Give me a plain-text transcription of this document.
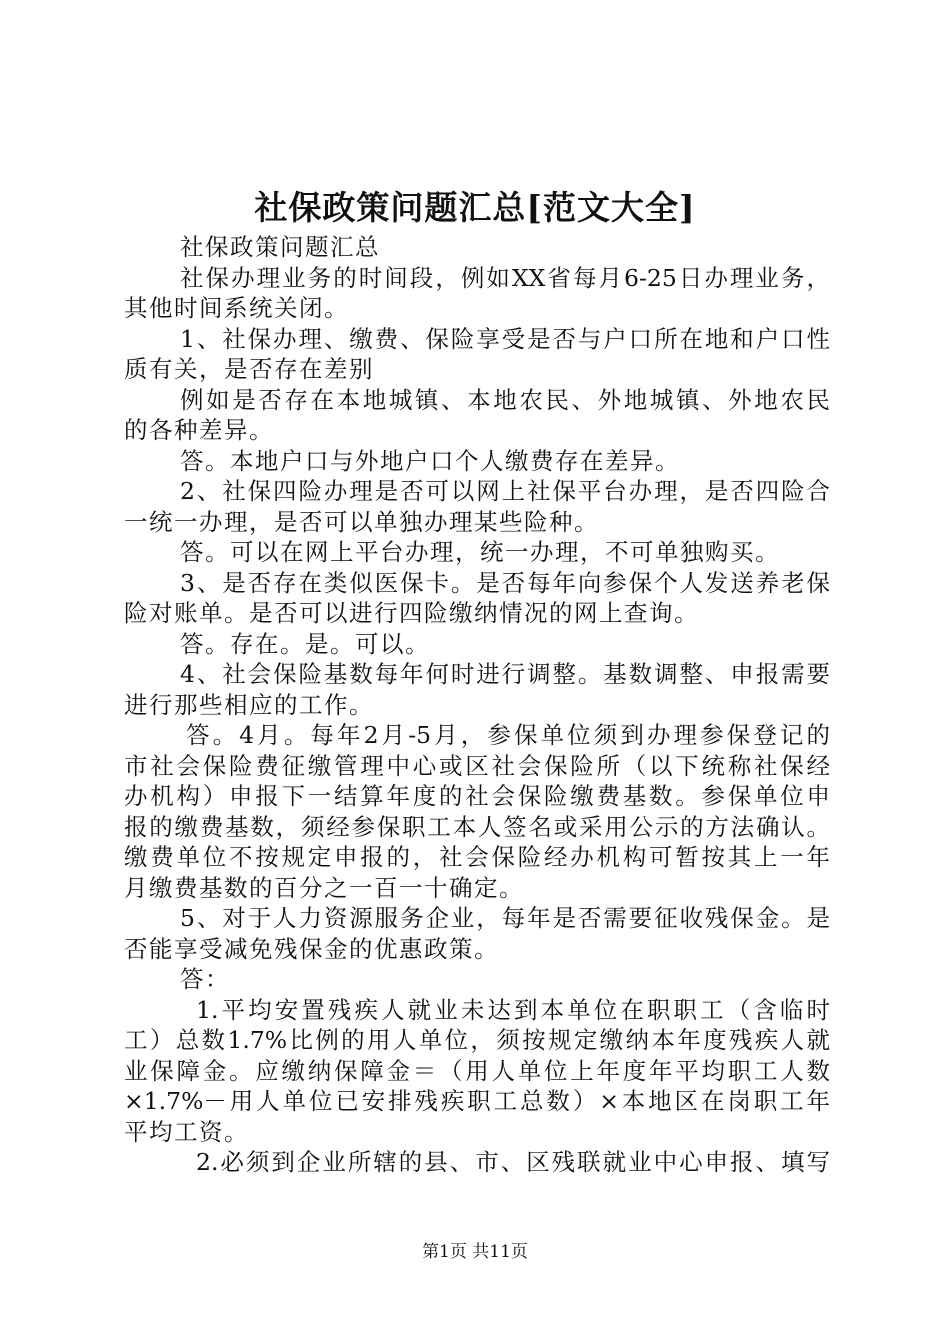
社保政策问题汇总[范文大全]
社保政策问题汇总
社保办理业务的时间段，例如XX省每月6-25日办理业务，
其他时间系统关闭。
1、社保办理、缴费、保险享受是否与户口所在地和户口性
质有关，是否存在差别
例如是否存在本地城镇、本地农民、外地城镇、外地农民
的各种差异。
答。本地户口与外地户口个人缴费存在差异。
2、社保四险办理是否可以网上社保平台办理，是否四险合
一统一办理，是否可以单独办理某些险种。
答。可以在网上平台办理，统一办理，不可单独购买。
3、是否存在类似医保卡。是否每年向参保个人发送养老保
险对账单。是否可以进行四险缴纳情况的网上查询。
答。存在。是。可以。
4、社会保险基数每年何时进行调整。基数调整、申报需要
进行那些相应的工作。
答。4月。每年2月-5月，参保单位须到办理参保登记的
市社会保险费征缴管理中心或区社会保险所（以下统称社保经
办机构）申报下一结算年度的社会保险缴费基数。参保单位申
报的缴费基数，须经参保职工本人签名或采用公示的方法确认。
缴费单位不按规定申报的，社会保险经办机构可暂按其上一年
月缴费基数的百分之一百一十确定。
5、对于人力资源服务企业，每年是否需要征收残保金。是
否能享受减免残保金的优惠政策。
答：
1.平均安置残疾人就业未达到本单位在职职工（含临时
工）总数1.7%比例的用人单位，须按规定缴纳本年度残疾人就
业保障金。应缴纳保障金＝（用人单位上年度年平均职工人数
×1.7%－用人单位已安排残疾职工总数）×本地区在岗职工年
平均工资。
2.必须到企业所辖的县、市、区残联就业中心申报、填写
第1页 共11页
